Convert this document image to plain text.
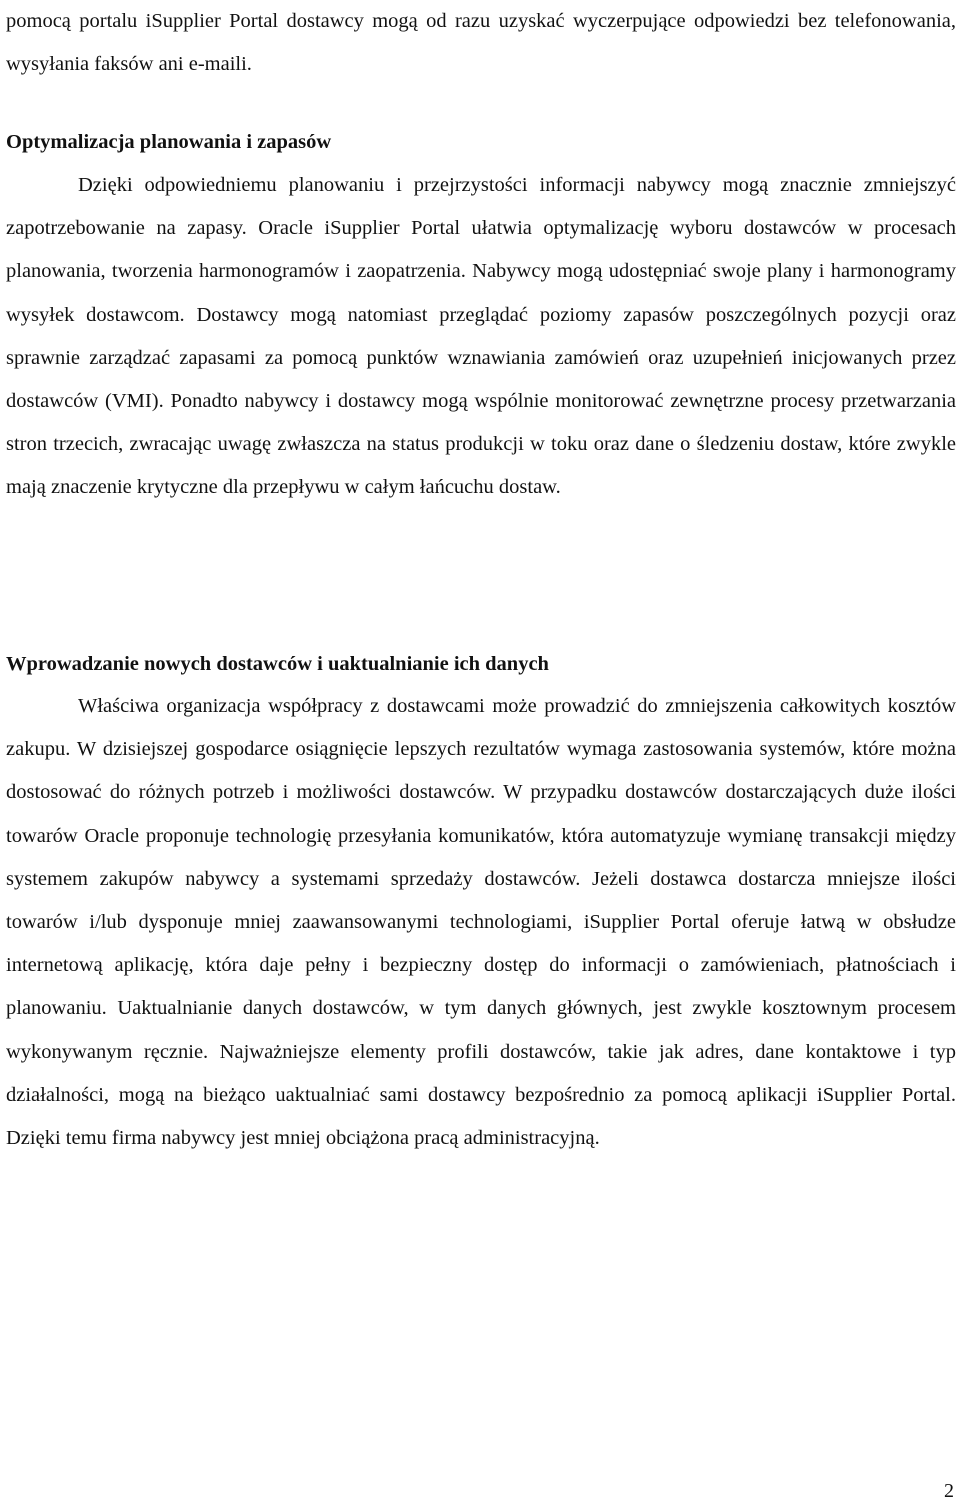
pomocą portalu iSupplier Portal dostawcy mogą od razu uzyskać wyczerpujące odpowiedzi bez telefonowania, wysyłania faksów ani e-maili.

Optymalizacja planowania i zapasów

Dzięki odpowiedniemu planowaniu i przejrzystości informacji nabywcy mogą znacznie zmniejszyć zapotrzebowanie na zapasy. Oracle iSupplier Portal ułatwia optymalizację wyboru dostawców w procesach planowania, tworzenia harmonogramów i zaopatrzenia. Nabywcy mogą udostępniać swoje plany i harmonogramy wysyłek dostawcom. Dostawcy mogą natomiast przeglądać poziomy zapasów poszczególnych pozycji oraz sprawnie zarządzać zapasami za pomocą punktów wznawiania zamówień oraz uzupełnień inicjowanych przez dostawców (VMI). Ponadto nabywcy i dostawcy mogą wspólnie monitorować zewnętrzne procesy przetwarzania stron trzecich, zwracając uwagę zwłaszcza na status produkcji w toku oraz dane o śledzeniu dostaw, które zwykle mają znaczenie krytyczne dla przepływu w całym łańcuchu dostaw.

Wprowadzanie nowych dostawców i uaktualnianie ich danych

Właściwa organizacja współpracy z dostawcami może prowadzić do zmniejszenia całkowitych kosztów zakupu. W dzisiejszej gospodarce osiągnięcie lepszych rezultatów wymaga zastosowania systemów, które można dostosować do różnych potrzeb i możliwości dostawców. W przypadku dostawców dostarczających duże ilości towarów Oracle proponuje technologię przesyłania komunikatów, która automatyzuje wymianę transakcji między systemem zakupów nabywcy a systemami sprzedaży dostawców. Jeżeli dostawca dostarcza mniejsze ilości towarów i/lub dysponuje mniej zaawansowanymi technologiami, iSupplier Portal oferuje łatwą w obsłudze internetową aplikację, która daje pełny i bezpieczny dostęp do informacji o zamówieniach, płatnościach i planowaniu. Uaktualnianie danych dostawców, w tym danych głównych, jest zwykle kosztownym procesem wykonywanym ręcznie. Najważniejsze elementy profili dostawców, takie jak adres, dane kontaktowe i typ działalności, mogą na bieżąco uaktualniać sami dostawcy bezpośrednio za pomocą aplikacji iSupplier Portal. Dzięki temu firma nabywcy jest mniej obciążona pracą administracyjną.

2
